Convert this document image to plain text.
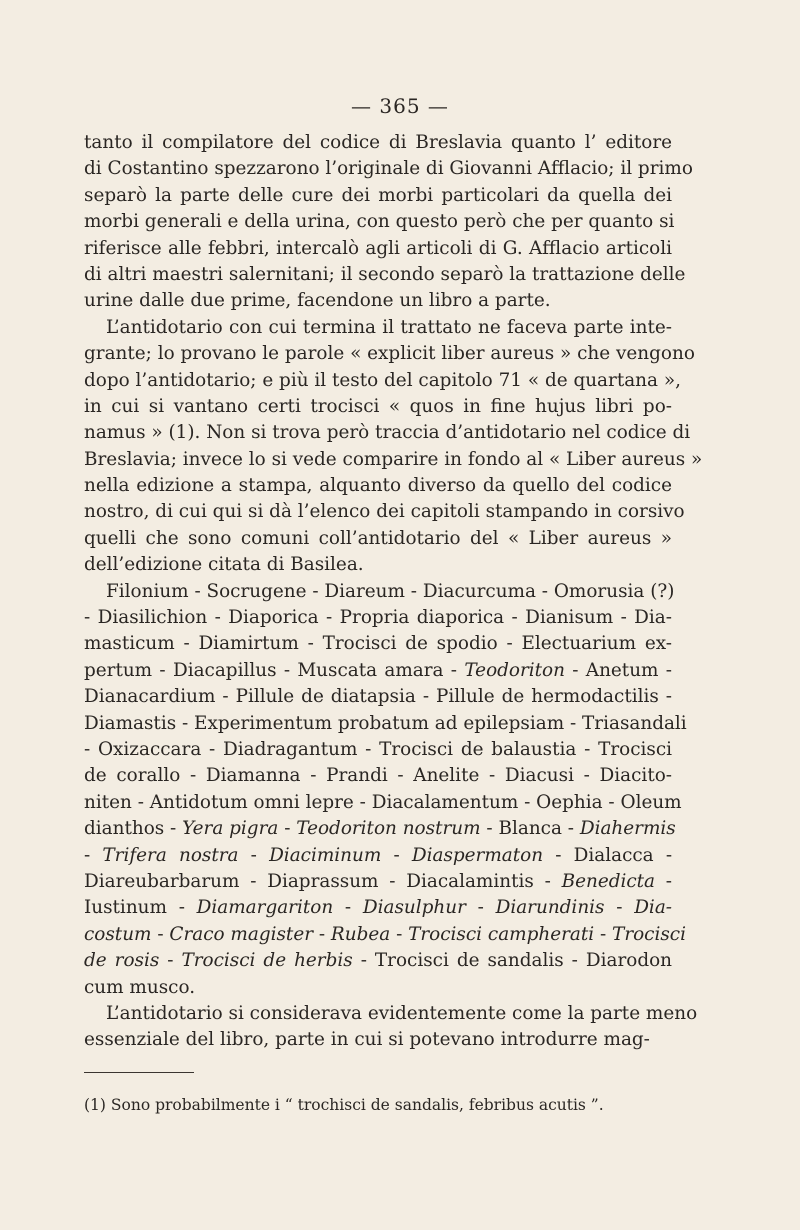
— 365 —
tanto il compilatore del codice di Breslavia quanto l’ editore
di Costantino spezzarono l’originale di Giovanni Afflacio; il primo
separò la parte delle cure dei morbi particolari da quella dei
morbi generali e della urina, con questo però che per quanto si
riferisce alle febbri, intercalò agli articoli di G. Afflacio articoli
di altri maestri salernitani; il secondo separò la trattazione delle
urine dalle due prime, facendone un libro a parte.
L’antidotario con cui termina il trattato ne faceva parte inte-
grante; lo provano le parole « explicit liber aureus » che vengono
dopo l’antidotario; e più il testo del capitolo 71 « de quartana »,
in cui si vantano certi trocisci « quos in fine hujus libri po-
namus » (1). Non si trova però traccia d’antidotario nel codice di
Breslavia; invece lo si vede comparire in fondo al « Liber aureus »
nella edizione a stampa, alquanto diverso da quello del codice
nostro, di cui qui si dà l’elenco dei capitoli stampando in corsivo
quelli che sono comuni coll’antidotario del « Liber aureus »
dell’edizione citata di Basilea.
Filonium - Socrugene - Diareum - Diacurcuma - Omorusia (?)
- Diasilichion - Diaporica - Propria diaporica - Dianisum - Dia-
masticum - Diamirtum - Trocisci de spodio - Electuarium ex-
pertum - Diacapillus - Muscata amara - Teodoriton - Anetum -
Dianacardium - Pillule de diatapsia - Pillule de hermodactilis -
Diamastis - Experimentum probatum ad epilepsiam - Triasandali
- Oxizaccara - Diadragantum - Trocisci de balaustia - Trocisci
de corallo - Diamanna - Prandi - Anelite - Diacusi - Diacito-
niten - Antidotum omni lepre - Diacalamentum - Oephia - Oleum
dianthos - Yera pigra - Teodoriton nostrum - Blanca - Diahermis
- Trifera nostra - Diaciminum - Diaspermaton - Dialacca -
Diareubarbarum - Diaprassum - Diacalamintis - Benedicta -
Iustinum - Diamargariton - Diasulphur - Diarundinis - Dia-
costum - Craco magister - Rubea - Trocisci campherati - Trocisci
de rosis - Trocisci de herbis - Trocisci de sandalis - Diarodon
cum musco.
L’antidotario si considerava evidentemente come la parte meno
essenziale del libro, parte in cui si potevano introdurre mag-
(1) Sono probabilmente i “ trochisci de sandalis, febribus acutis ”.
